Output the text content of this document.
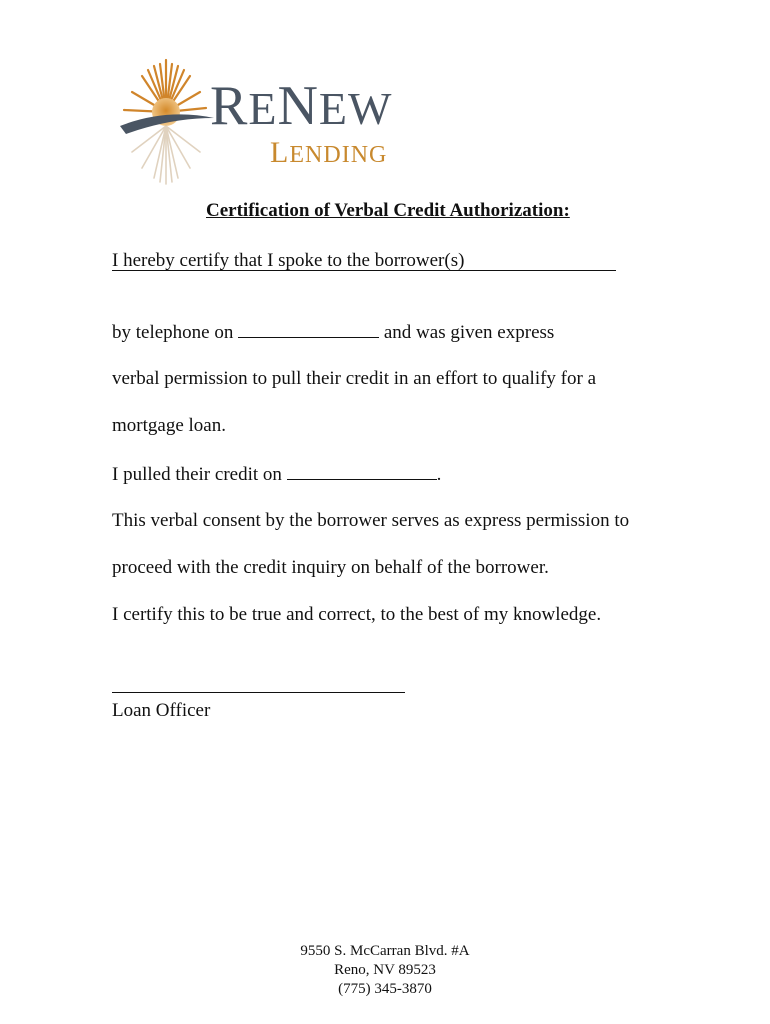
RENEW
LENDING
Certification of Verbal Credit Authorization:
I hereby certify that I spoke to the borrower(s)
by telephone on	and was given express
verbal permission to pull their credit in an effort to qualify for a
mortgage loan.
I pulled their credit on	.
This verbal consent by the borrower serves as express permission to
proceed with the credit inquiry on behalf of the borrower.
I certify this to be true and correct, to the best of my knowledge.
Loan Officer
9550 S. McCarran Blvd. #A
Reno, NV 89523
(775) 345-3870
